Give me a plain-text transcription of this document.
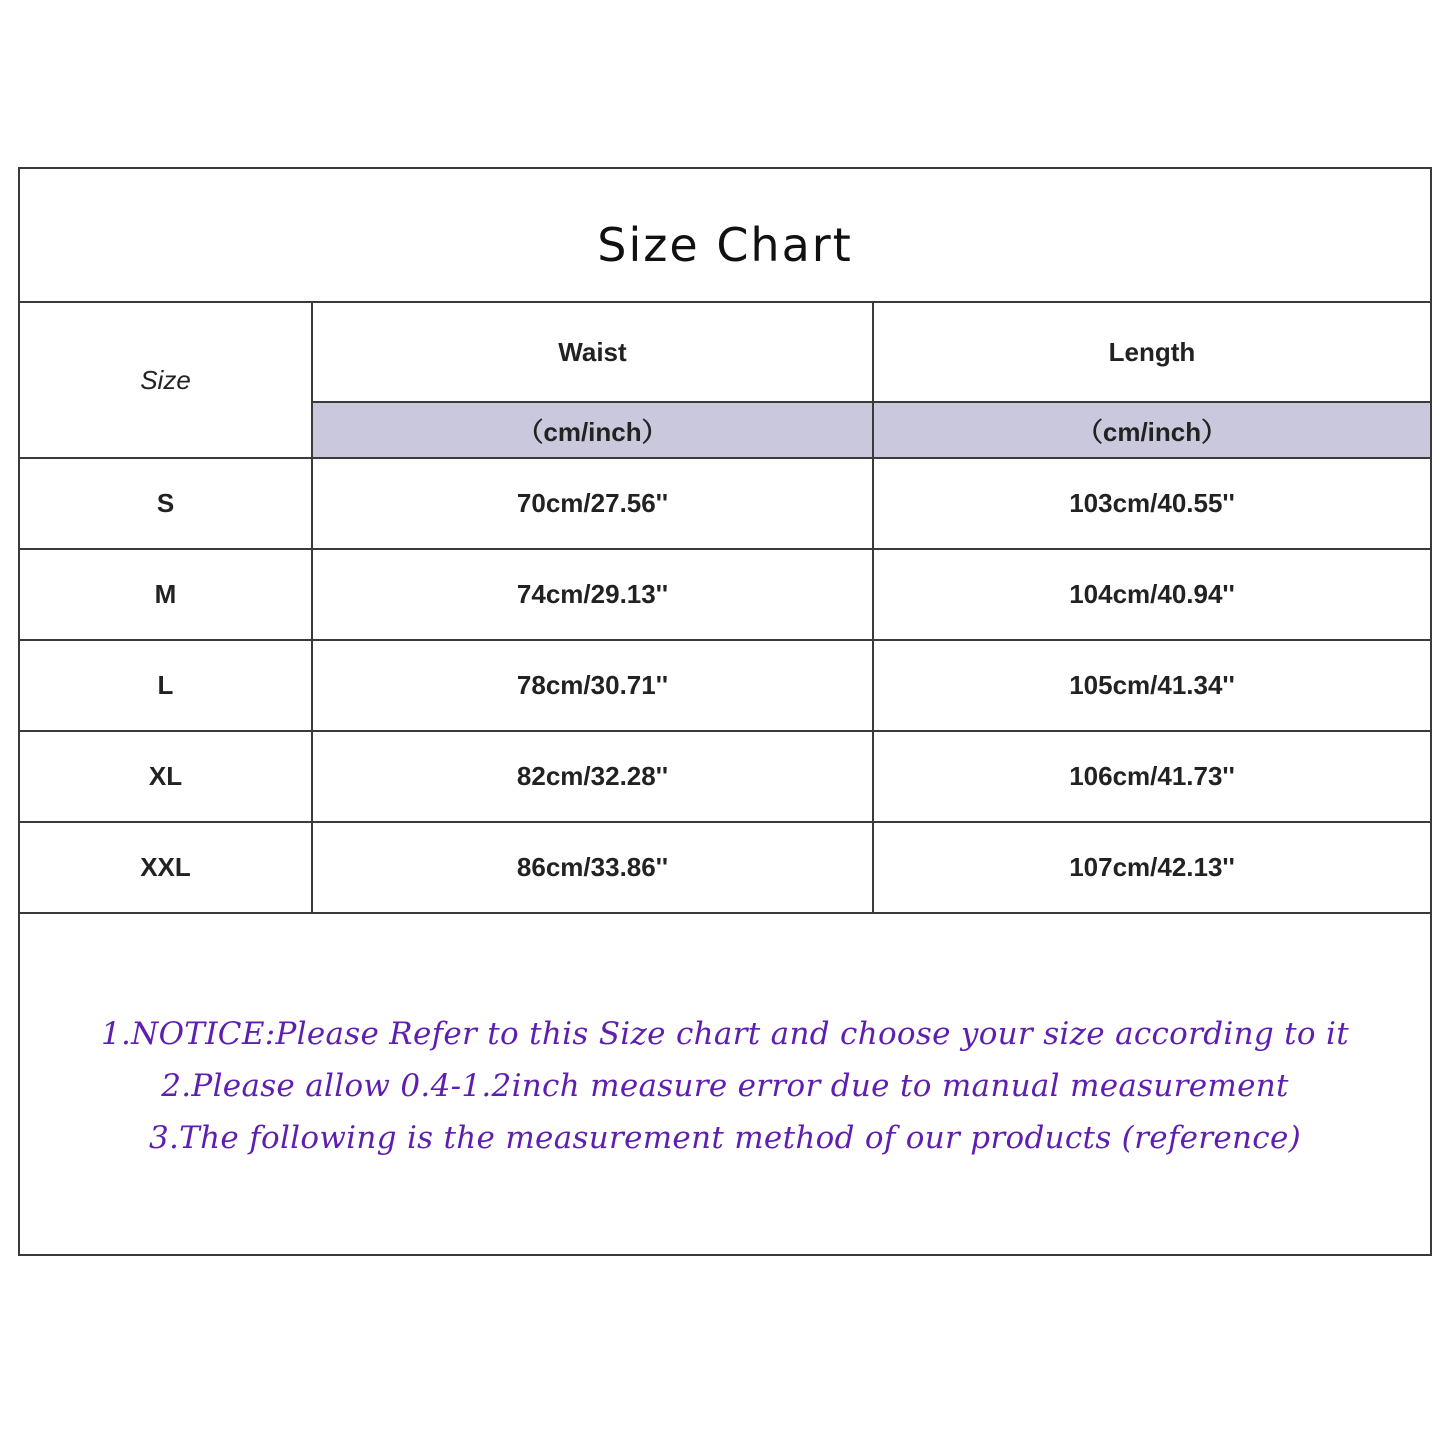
Size Chart
Size	Waist	Length
	（cm/inch）	（cm/inch）
S	70cm/27.56''	103cm/40.55''
M	74cm/29.13''	104cm/40.94''
L	78cm/30.71''	105cm/41.34''
XL	82cm/32.28''	106cm/41.73''
XXL	86cm/33.86''	107cm/42.13''
1.NOTICE:Please Refer to this Size chart and choose your size according to it
2.Please allow 0.4-1.2inch measure error due to manual measurement
3.The following is the measurement method of our products (reference)
